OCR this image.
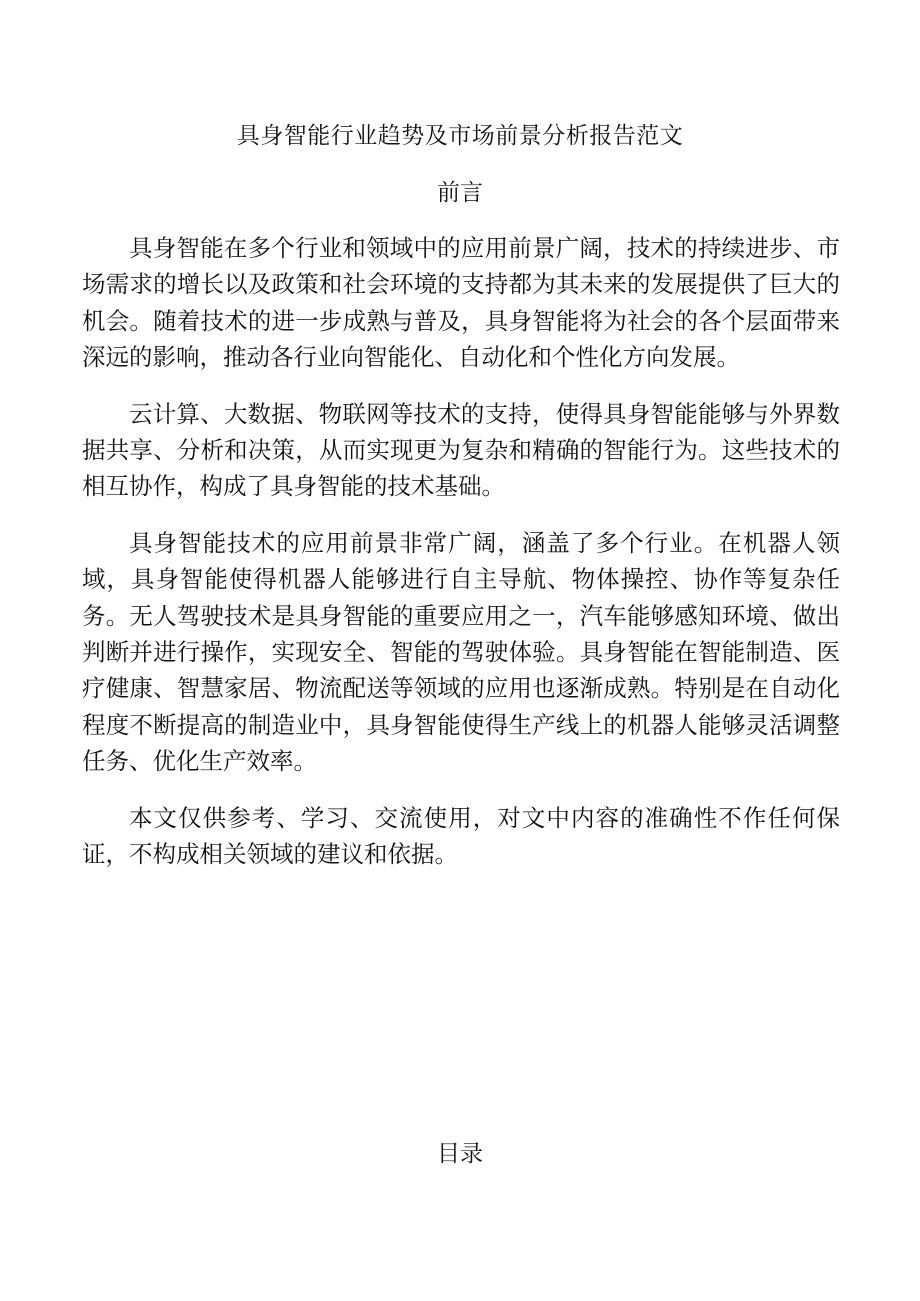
具身智能行业趋势及市场前景分析报告范文
前言

具身智能在多个行业和领域中的应用前景广阔，技术的持续进步、市场需求的增长以及政策和社会环境的支持都为其未来的发展提供了巨大的机会。随着技术的进一步成熟与普及，具身智能将为社会的各个层面带来深远的影响，推动各行业向智能化、自动化和个性化方向发展。

云计算、大数据、物联网等技术的支持，使得具身智能能够与外界数据共享、分析和决策，从而实现更为复杂和精确的智能行为。这些技术的相互协作，构成了具身智能的技术基础。

具身智能技术的应用前景非常广阔，涵盖了多个行业。在机器人领域，具身智能使得机器人能够进行自主导航、物体操控、协作等复杂任务。无人驾驶技术是具身智能的重要应用之一，汽车能够感知环境、做出判断并进行操作，实现安全、智能的驾驶体验。具身智能在智能制造、医疗健康、智慧家居、物流配送等领域的应用也逐渐成熟。特别是在自动化程度不断提高的制造业中，具身智能使得生产线上的机器人能够灵活调整任务、优化生产效率。

本文仅供参考、学习、交流使用，对文中内容的准确性不作任何保证，不构成相关领域的建议和依据。

目录
